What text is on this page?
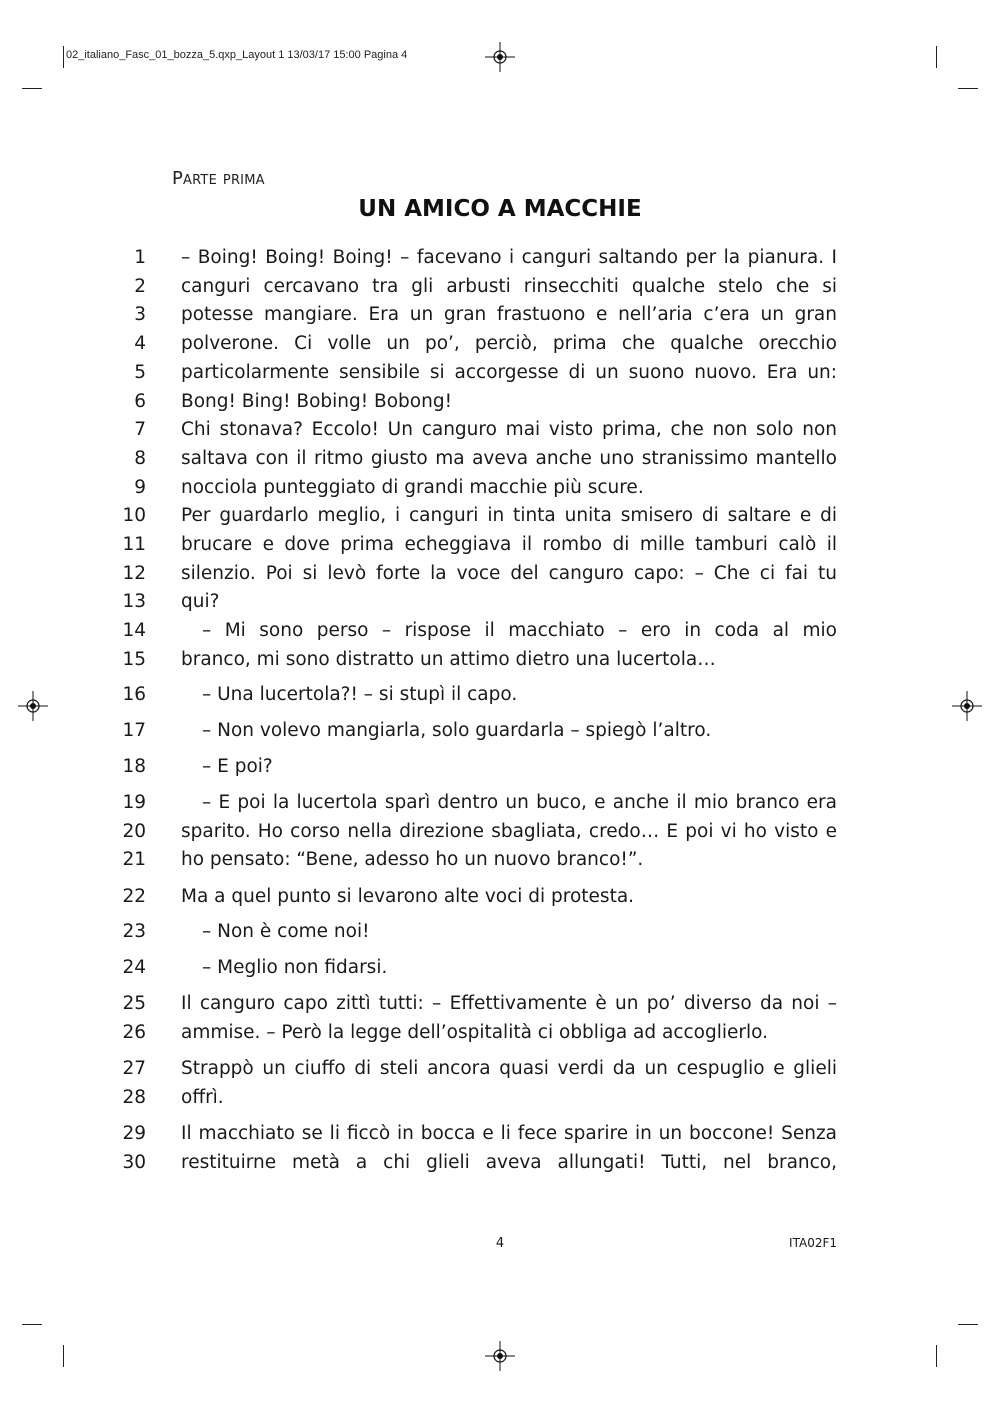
02_italiano_Fasc_01_bozza_5.qxp_Layout 1 13/03/17 15:00 Pagina 4
Parte prima
UN AMICO A MACCHIE
1 – Boing! Boing! Boing! – facevano i canguri saltando per la pianura. I
2 canguri cercavano tra gli arbusti rinsecchiti qualche stelo che si
3 potesse mangiare. Era un gran frastuono e nell’aria c’era un gran
4 polverone. Ci volle un po’, perciò, prima che qualche orecchio
5 particolarmente sensibile si accorgesse di un suono nuovo. Era un:
6 Bong! Bing! Bobing! Bobong!
7 Chi stonava? Eccolo! Un canguro mai visto prima, che non solo non
8 saltava con il ritmo giusto ma aveva anche uno stranissimo mantello
9 nocciola punteggiato di grandi macchie più scure.
10 Per guardarlo meglio, i canguri in tinta unita smisero di saltare e di
11 brucare e dove prima echeggiava il rombo di mille tamburi calò il
12 silenzio. Poi si levò forte la voce del canguro capo: – Che ci fai tu
13 qui?
14	– Mi sono perso – rispose il macchiato – ero in coda al mio
15 branco, mi sono distratto un attimo dietro una lucertola…
16	– Una lucertola?! – si stupì il capo.
17	– Non volevo mangiarla, solo guardarla – spiegò l’altro.
18	– E poi?
19	– E poi la lucertola sparì dentro un buco, e anche il mio branco era
20 sparito. Ho corso nella direzione sbagliata, credo… E poi vi ho visto e
21 ho pensato: “Bene, adesso ho un nuovo branco!”.
22 Ma a quel punto si levarono alte voci di protesta.
23	– Non è come noi!
24	– Meglio non fidarsi.
25 Il canguro capo zittì tutti: – Effettivamente è un po’ diverso da noi –
26 ammise. – Però la legge dell’ospitalità ci obbliga ad accoglierlo.
27 Strappò un ciuffo di steli ancora quasi verdi da un cespuglio e glieli
28 offrì.
29 Il macchiato se li ficcò in bocca e li fece sparire in un boccone! Senza
30 restituirne metà a chi glieli aveva allungati! Tutti, nel branco,
4	ITA02F1
